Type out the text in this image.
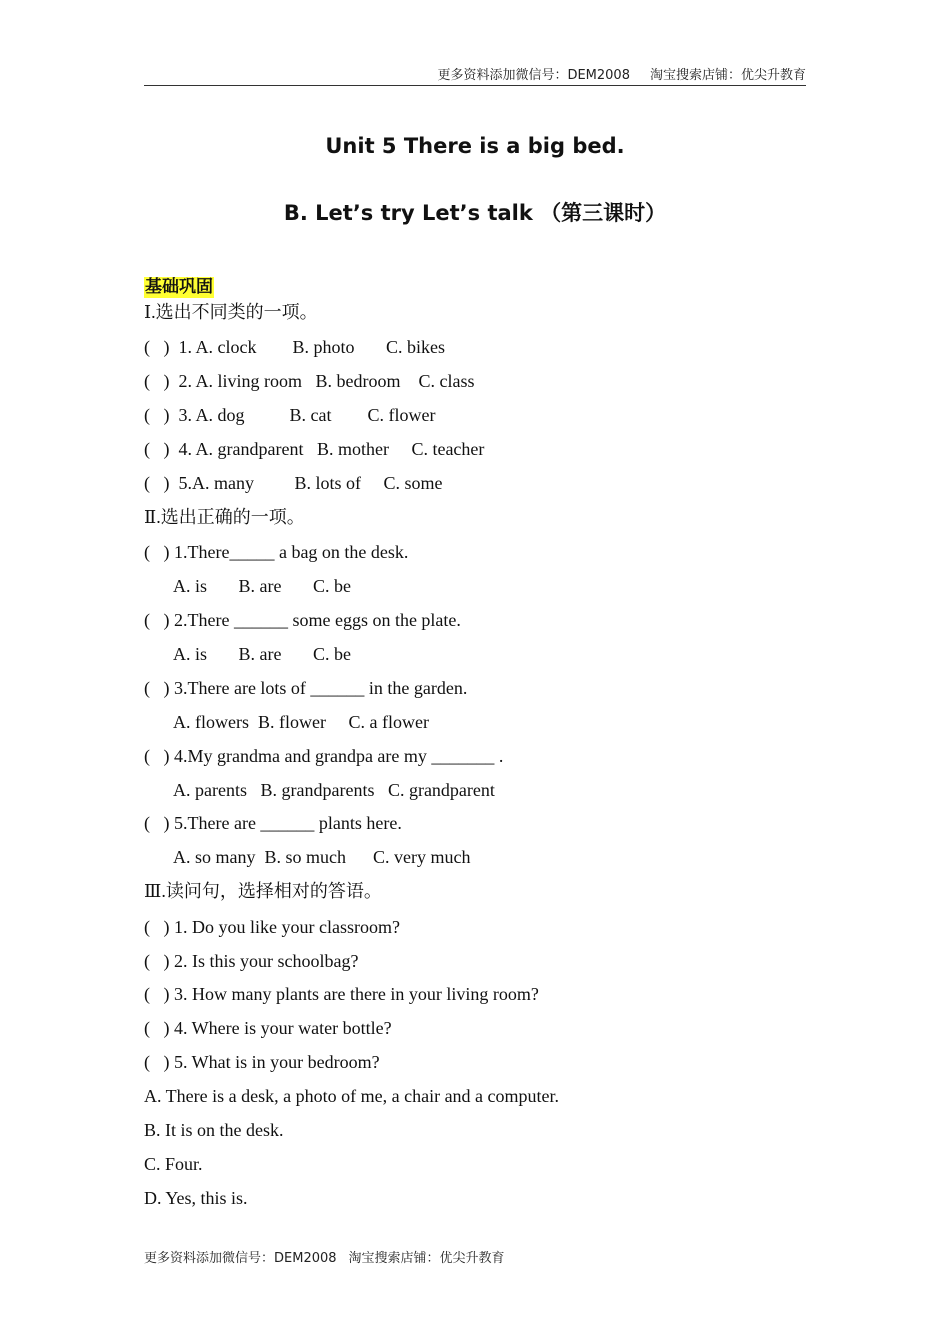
更多资料添加微信号：DEM2008 淘宝搜索店铺：优尖升教育
Unit 5 There is a big bed.
B. Let’s try Let’s talk （第三课时）
基础巩固
Ⅰ.选出不同类的一项。
(   )  1. A. clock        B. photo       C. bikes
(   )  2. A. living room   B. bedroom    C. class
(   )  3. A. dog          B. cat        C. flower
(   )  4. A. grandparent   B. mother     C. teacher
(   )  5.A. many         B. lots of     C. some
Ⅱ.选出正确的一项。
(   ) 1.There_____ a bag on the desk.
A. is       B. are       C. be
(   ) 2.There ______ some eggs on the plate.
A. is       B. are       C. be
(   ) 3.There are lots of ______ in the garden.
A. flowers  B. flower     C. a flower
(   ) 4.My grandma and grandpa are my _______ .
A. parents   B. grandparents   C. grandparent
(   ) 5.There are ______ plants here.
A. so many  B. so much      C. very much
Ⅲ.读问句，选择相对的答语。
(   ) 1. Do you like your classroom?
(   ) 2. Is this your schoolbag?
(   ) 3. How many plants are there in your living room?
(   ) 4. Where is your water bottle?
(   ) 5. What is in your bedroom?
A. There is a desk, a photo of me, a chair and a computer.
B. It is on the desk.
C. Four.
D. Yes, this is.
更多资料添加微信号：DEM2008 淘宝搜索店铺：优尖升教育
